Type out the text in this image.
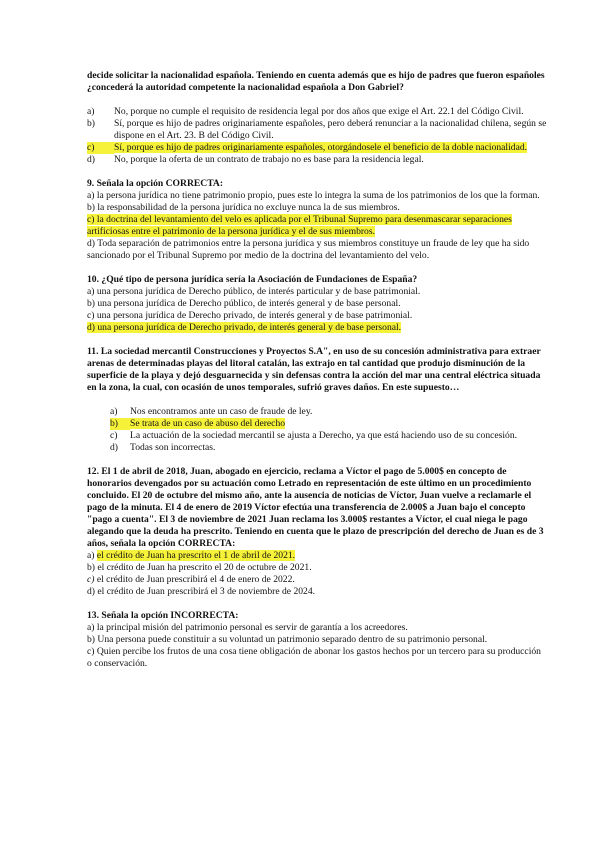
decide solicitar la nacionalidad española. Teniendo en cuenta además que es hijo de padres que fueron españoles ¿concederá la autoridad competente la nacionalidad española a Don Gabriel?

a)	No, porque no cumple el requisito de residencia legal por dos años que exige el Art. 22.1 del Código Civil.
b)	Sí, porque es hijo de padres originariamente españoles, pero deberá renunciar a la nacionalidad chilena, según se dispone en el Art. 23. B del Código Civil.
c)	Sí, porque es hijo de padres originariamente españoles, otorgándosele el beneficio de la doble nacionalidad.
d)	No, porque la oferta de un contrato de trabajo no es base para la residencia legal.

9. Señala la opción CORRECTA:

a) la persona jurídica no tiene patrimonio propio, pues este lo integra la suma de los patrimonios de los que la forman.

b) la responsabilidad de la persona jurídica no excluye nunca la de sus miembros.

c) la doctrina del levantamiento del velo es aplicada por el Tribunal Supremo para desenmascarar separaciones artificiosas entre el patrimonio de la persona jurídica y el de sus miembros.

d) Toda separación de patrimonios entre la persona jurídica y sus miembros constituye un fraude de ley que ha sido sancionado por el Tribunal Supremo por medio de la doctrina del levantamiento del velo.

10. ¿Qué tipo de persona jurídica sería la Asociación de Fundaciones de España?

a) una persona jurídica de Derecho público, de interés particular y de base patrimonial.

b) una persona jurídica de Derecho público, de interés general y de base personal.

c) una persona jurídica de Derecho privado, de interés general y de base patrimonial.

d) una persona jurídica de Derecho privado, de interés general y de base personal.

11. La sociedad mercantil Construcciones y Proyectos S.A", en uso de su concesión administrativa para extraer arenas de determinadas playas del litoral catalán, las extrajo en tal cantidad que produjo disminución de la superficie de la playa y dejó desguarnecida y sin defensas contra la acción del mar una central eléctrica situada en la zona, la cual, con ocasión de unos temporales, sufrió graves daños. En este supuesto…

a)	Nos encontramos ante un caso de fraude de ley.
b)	Se trata de un caso de abuso del derecho
c)	La actuación de la sociedad mercantil se ajusta a Derecho, ya que está haciendo uso de su concesión.
d)	Todas son incorrectas.

12. El 1 de abril de 2018, Juan, abogado en ejercicio, reclama a Víctor el pago de 5.000$ en concepto de honorarios devengados por su actuación como Letrado en representación de este último en un procedimiento concluido. El 20 de octubre del mismo año, ante la ausencia de noticias de Víctor, Juan vuelve a reclamarle el pago de la minuta. El 4 de enero de 2019 Víctor efectúa una transferencia de 2.000$ a Juan bajo el concepto "pago a cuenta". El 3 de noviembre de 2021 Juan reclama los 3.000$ restantes a Víctor, el cual niega le pago alegando que la deuda ha prescrito. Teniendo en cuenta que le plazo de prescripción del derecho de Juan es de 3 años, señala la opción CORRECTA:

a) el crédito de Juan ha prescrito el 1 de abril de 2021.

b) el crédito de Juan ha prescrito el 20 de octubre de 2021.

c) el crédito de Juan prescribirá el 4 de enero de 2022.

d) el crédito de Juan prescribirá el 3 de noviembre de 2024.

13. Señala la opción INCORRECTA:

a) la principal misión del patrimonio personal es servir de garantía a los acreedores.

b) Una persona puede constituir a su voluntad un patrimonio separado dentro de su patrimonio personal.

c) Quien percibe los frutos de una cosa tiene obligación de abonar los gastos hechos por un tercero para su producción o conservación.
